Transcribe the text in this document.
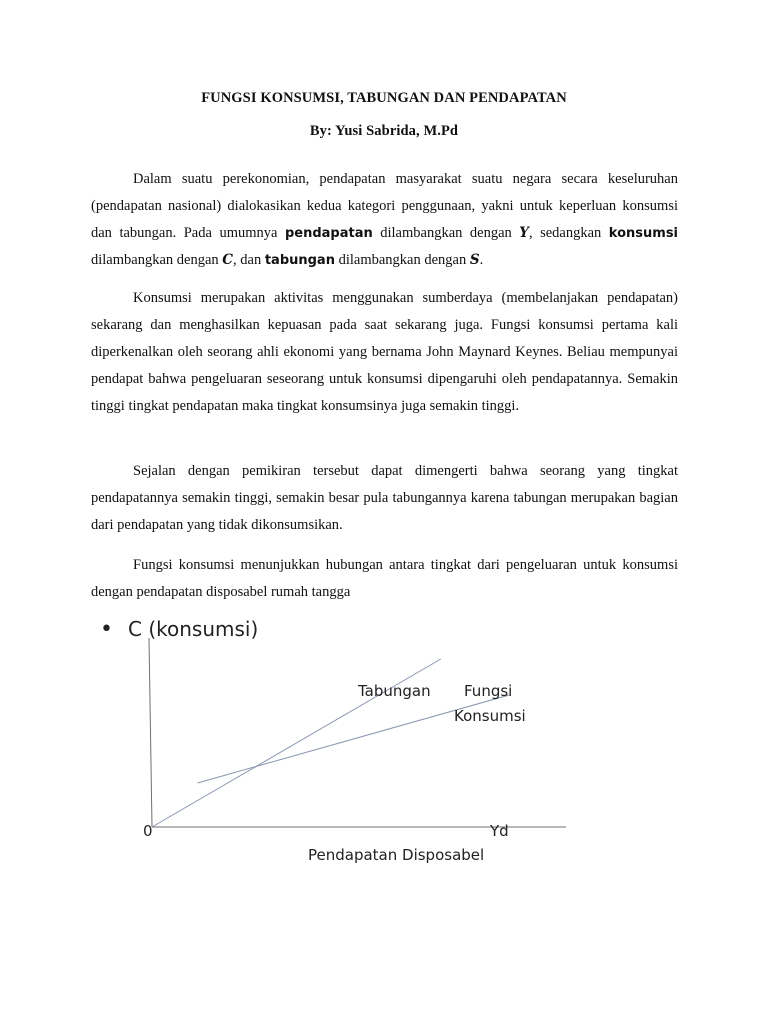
FUNGSI KONSUMSI, TABUNGAN DAN PENDAPATAN
By: Yusi Sabrida, M.Pd

Dalam suatu perekonomian, pendapatan masyarakat suatu negara secara keseluruhan (pendapatan nasional) dialokasikan kedua kategori penggunaan, yakni untuk keperluan konsumsi dan tabungan. Pada umumnya pendapatan dilambangkan dengan Y, sedangkan konsumsi dilambangkan dengan C, dan tabungan dilambangkan dengan S.

Konsumsi merupakan aktivitas menggunakan sumberdaya (membelanjakan pendapatan) sekarang dan menghasilkan kepuasan pada saat sekarang juga. Fungsi konsumsi pertama kali diperkenalkan oleh seorang ahli ekonomi yang bernama John Maynard Keynes. Beliau mempunyai pendapat bahwa pengeluaran seseorang untuk konsumsi dipengaruhi oleh pendapatannya. Semakin tinggi tingkat pendapatan maka tingkat konsumsinya juga semakin tinggi.

Sejalan dengan pemikiran tersebut dapat dimengerti bahwa seorang yang tingkat pendapatannya semakin tinggi, semakin besar pula tabungannya karena tabungan merupakan bagian dari pendapatan yang tidak dikonsumsikan.

Fungsi konsumsi menunjukkan hubungan antara tingkat dari pengeluaran untuk konsumsi dengan pendapatan disposabel rumah tangga

• C (konsumsi)
Tabungan Fungsi
Konsumsi
0	Yd
Pendapatan Disposabel
